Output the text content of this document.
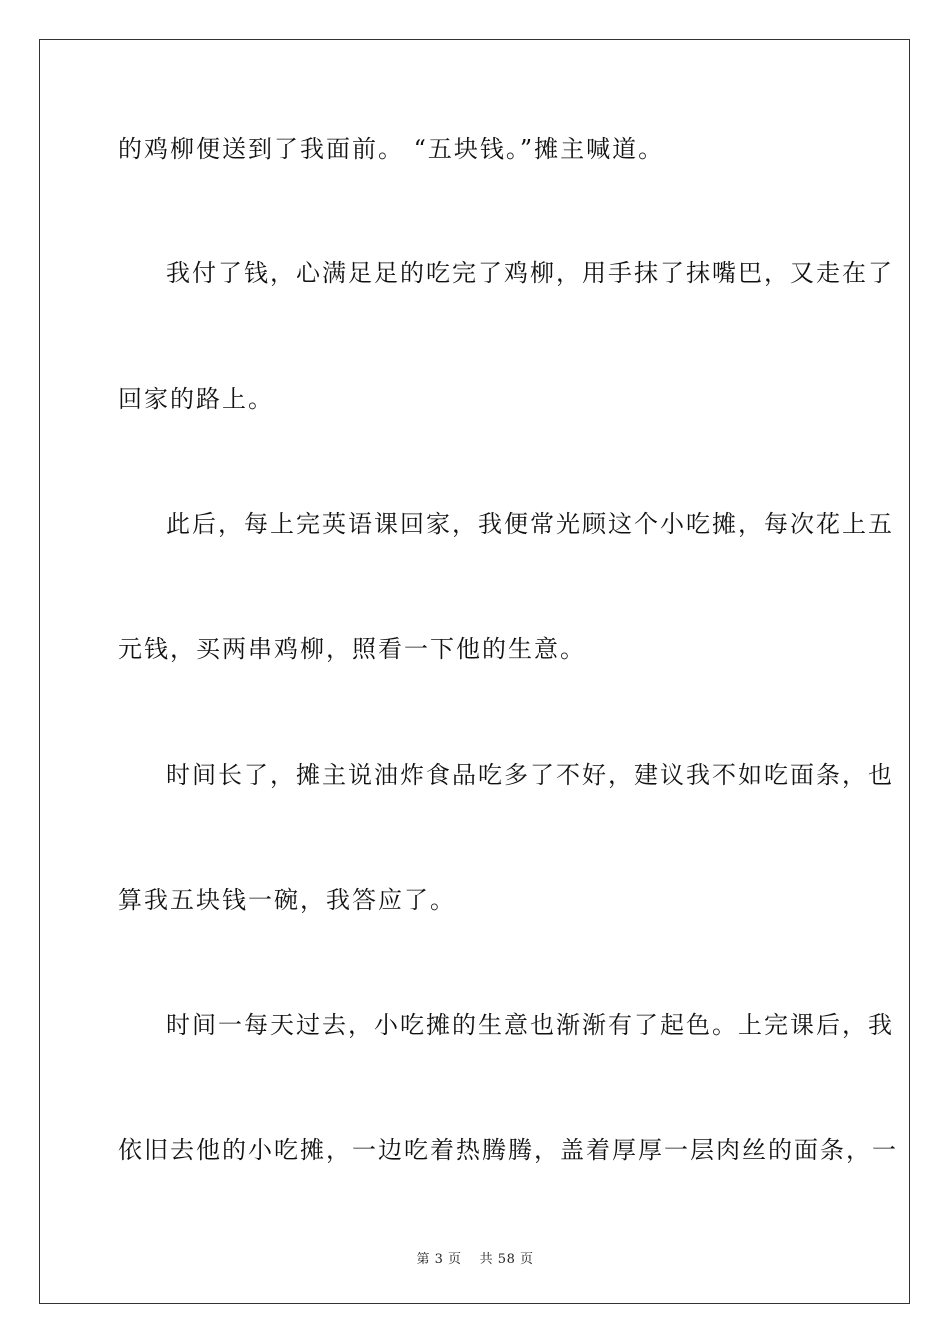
的鸡柳便送到了我面前。 “五块钱。”摊主喊道。
我付了钱，心满足足的吃完了鸡柳，用手抹了抹嘴巴，又走在了
回家的路上。
此后，每上完英语课回家，我便常光顾这个小吃摊，每次花上五
元钱，买两串鸡柳，照看一下他的生意。
时间长了，摊主说油炸食品吃多了不好，建议我不如吃面条，也
算我五块钱一碗，我答应了。
时间一每天过去，小吃摊的生意也渐渐有了起色。上完课后，我
依旧去他的小吃摊，一边吃着热腾腾，盖着厚厚一层肉丝的面条，一
第 3 页　 共 58 页
